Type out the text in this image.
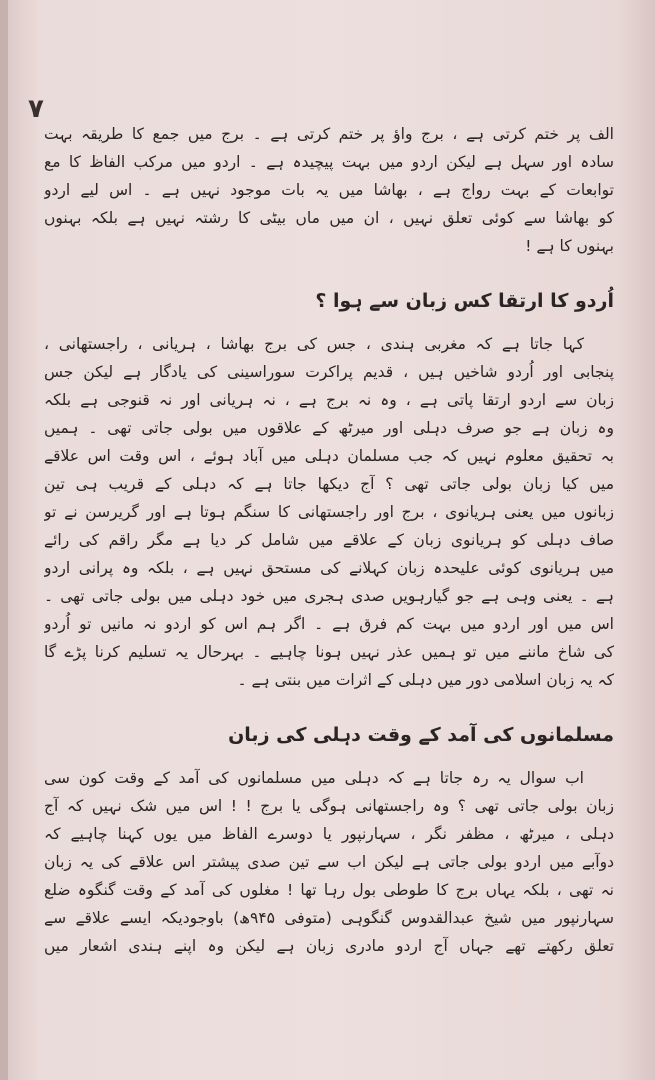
۷

الف پر ختم کرتی ہے ، برج واؤ پر ختم کرتی ہے ۔ برج میں جمع کا طریقہ بہت

سادہ اور سہل ہے لیکن اردو میں بہت پیچیدہ ہے ۔ اردو میں مرکب الفاظ کا مع

توابعات کے بہت رواج ہے ، بھاشا میں یہ بات موجود نہیں ہے ۔ اس لیے اردو

کو بھاشا سے کوئی تعلق نہیں ، ان میں ماں بیٹی کا رشتہ نہیں ہے بلکہ بہنوں

بہنوں کا ہے !

اُردو کا ارتقا کس زبان سے ہوا ؟

کہا جاتا ہے کہ مغربی ہندی ، جس کی برج بھاشا ، ہریانی ، راجستھانی ،

پنجابی اور اُردو شاخیں ہیں ، قدیم پراکرت سوراسینی کی یادگار ہے لیکن جس

زبان سے اردو ارتقا پاتی ہے ، وہ نہ برج ہے ، نہ ہریانی اور نہ قنوجی ہے بلکہ

وہ زبان ہے جو صرف دہلی اور میرٹھ کے علاقوں میں بولی جاتی تھی ۔ ہمیں

بہ تحقیق معلوم نہیں کہ جب مسلمان دہلی میں آباد ہوئے ، اس وقت اس علاقے

میں کیا زبان بولی جاتی تھی ؟ آج دیکھا جاتا ہے کہ دہلی کے قریب ہی تین

زبانوں میں یعنی ہریانوی ، برج اور راجستھانی کا سنگم ہوتا ہے اور گریرسن نے تو

صاف دہلی کو ہریانوی زبان کے علاقے میں شامل کر دیا ہے مگر راقم کی رائے

میں ہریانوی کوئی علیحدہ زبان کہلانے کی مستحق نہیں ہے ، بلکہ وہ پرانی اردو

ہے ۔ یعنی وہی ہے جو گیارہویں صدی ہجری میں خود دہلی میں بولی جاتی تھی ۔

اس میں اور اردو میں بہت کم فرق ہے ۔ اگر ہم اس کو اردو نہ مانیں تو اُردو

کی شاخ ماننے میں تو ہمیں عذر نہیں ہونا چاہیے ۔ بہرحال یہ تسلیم کرنا پڑے گا

کہ یہ زبان اسلامی دور میں دہلی کے اثرات میں بنتی ہے ۔

مسلمانوں کی آمد کے وقت دہلی کی زبان

اب سوال یہ رہ جاتا ہے کہ دہلی میں مسلمانوں کی آمد کے وقت کون سی

زبان بولی جاتی تھی ؟ وہ راجستھانی ہوگی یا برج ! ! اس میں شک نہیں کہ آج

دہلی ، میرٹھ ، مظفر نگر ، سہارنپور یا دوسرے الفاظ میں یوں کہنا چاہیے کہ

دوآبے میں اردو بولی جاتی ہے لیکن اب سے تین صدی پیشتر اس علاقے کی یہ زبان

نہ تھی ، بلکہ یہاں برج کا طوطی بول رہا تھا ! مغلوں کی آمد کے وقت گنگوہ ضلع

سہارنپور میں شیخ عبدالقدوس گنگوہی (متوفی ۹۴۵ھ) باوجودیکہ ایسے علاقے سے

تعلق رکھتے تھے جہاں آج اردو مادری زبان ہے لیکن وہ اپنے ہندی اشعار میں
